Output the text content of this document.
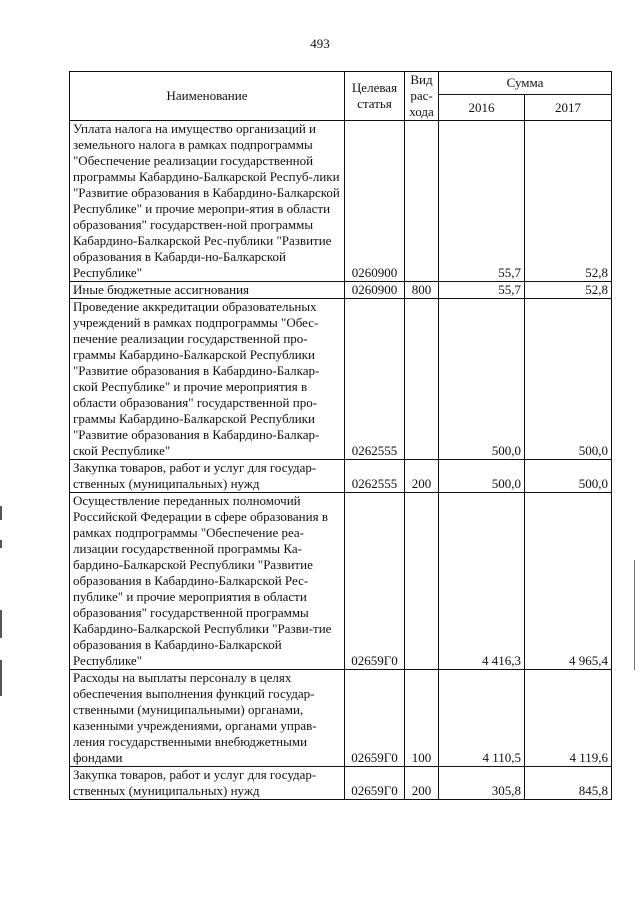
493
Наименование	Целевая статья	Вид рас-хода	Сумма	
			2016	2017
Уплата налога на имущество организаций и земельного налога в рамках подпрограммы "Обеспечение реализации государственной программы Кабардино-Балкарской Респуб-лики "Развитие образования в Кабардино-Балкарской Республике" и прочие меропри-ятия в области образования" государствен-ной программы Кабардино-Балкарской Рес-публики "Развитие образования в Кабарди-но-Балкарской Республике"	0260900		55,7	52,8
Иные бюджетные ассигнования	0260900	800	55,7	52,8
Проведение аккредитации образовательных учреждений в рамках подпрограммы "Обес-печение реализации государственной про-граммы Кабардино-Балкарской Республики "Развитие образования в Кабардино-Балкар-ской Республике" и прочие мероприятия в области образования" государственной про-граммы Кабардино-Балкарской Республики "Развитие образования в Кабардино-Балкар-ской Республике"	0262555		500,0	500,0
Закупка товаров, работ и услуг для государ-ственных (муниципальных) нужд	0262555	200	500,0	500,0
Осуществление переданных полномочий Российской Федерации в сфере образования в рамках подпрограммы "Обеспечение реа-лизации государственной программы Ка-бардино-Балкарской Республики "Развитие образования в Кабардино-Балкарской Рес-публике" и прочие мероприятия в области образования" государственной программы Кабардино-Балкарской Республики "Разви-тие образования в Кабардино-Балкарской Республике"	02659Г0		4 416,3	4 965,4
Расходы на выплаты персоналу в целях обеспечения выполнения функций государ-ственными (муниципальными) органами, казенными учреждениями, органами управ-ления государственными внебюджетными фондами	02659Г0	100	4 110,5	4 119,6
Закупка товаров, работ и услуг для государ-ственных (муниципальных) нужд	02659Г0	200	305,8	845,8
